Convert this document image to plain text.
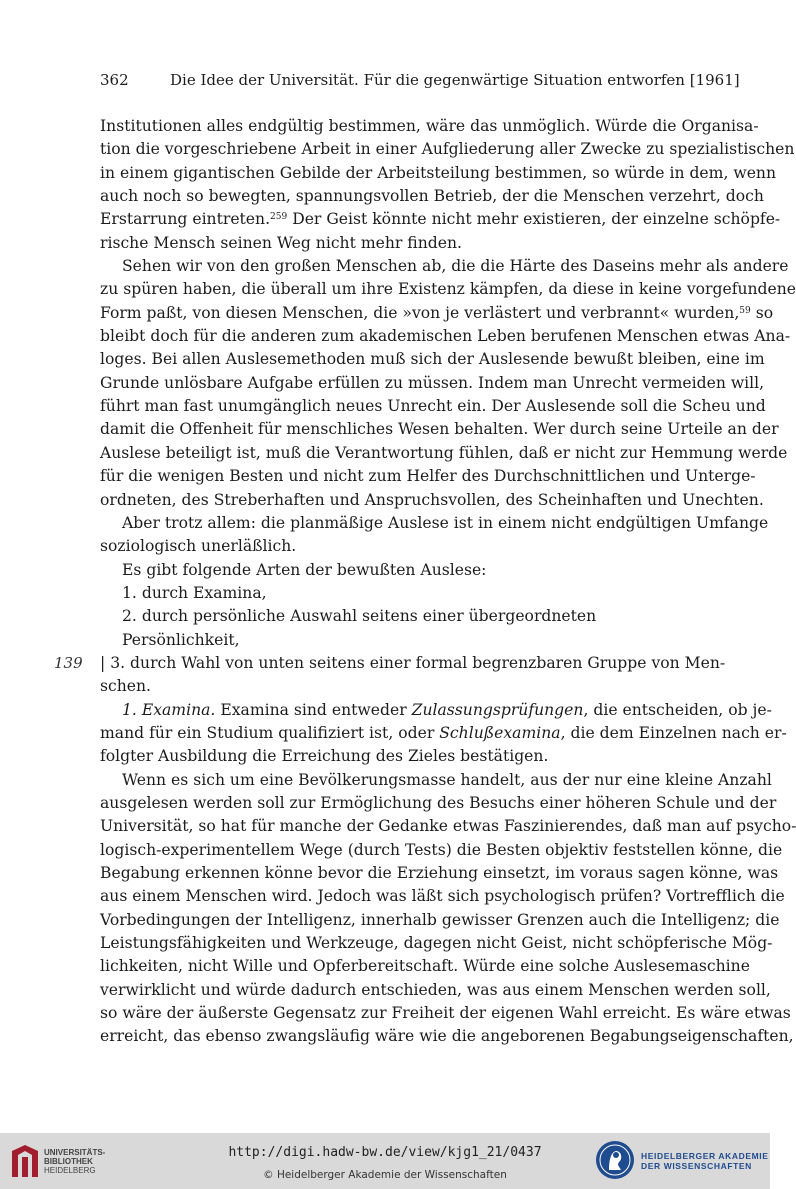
362	Die Idee der Universität. Für die gegenwärtige Situation entworfen [1961]
139
Institutionen alles endgültig bestimmen, wäre das unmöglich. Würde die Organisa-
tion die vorgeschriebene Arbeit in einer Aufgliederung aller Zwecke zu spezialistischen
in einem gigantischen Gebilde der Arbeitsteilung bestimmen, so würde in dem, wenn
auch noch so bewegten, spannungsvollen Betrieb, der die Menschen verzehrt, doch
Erstarrung eintreten.$^{259}$ Der Geist könnte nicht mehr existieren, der einzelne schöpfe-
rische Mensch seinen Weg nicht mehr finden.
Sehen wir von den großen Menschen ab, die die Härte des Daseins mehr als andere
zu spüren haben, die überall um ihre Existenz kämpfen, da diese in keine vorgefundene
Form paßt, von diesen Menschen, die »von je verlästert und verbrannt« wurden,$^{59}$ so
bleibt doch für die anderen zum akademischen Leben berufenen Menschen etwas Ana-
loges. Bei allen Auslesemethoden muß sich der Auslesende bewußt bleiben, eine im
Grunde unlösbare Aufgabe erfüllen zu müssen. Indem man Unrecht vermeiden will,
führt man fast unumgänglich neues Unrecht ein. Der Auslesende soll die Scheu und
damit die Offenheit für menschliches Wesen behalten. Wer durch seine Urteile an der
Auslese beteiligt ist, muß die Verantwortung fühlen, daß er nicht zur Hemmung werde
für die wenigen Besten und nicht zum Helfer des Durchschnittlichen und Unterge-
ordneten, des Streberhaften und Anspruchsvollen, des Scheinhaften und Unechten.
Aber trotz allem: die planmäßige Auslese ist in einem nicht endgültigen Umfange
soziologisch unerläßlich.
Es gibt folgende Arten der bewußten Auslese:
1. durch Examina,
2. durch persönliche Auswahl seitens einer übergeordneten
Persönlichkeit,
| 3. durch Wahl von unten seitens einer formal begrenzbaren Gruppe von Men-
schen.
1. Examina. Examina sind entweder Zulassungsprüfungen, die entscheiden, ob je-
mand für ein Studium qualifiziert ist, oder Schlußexamina, die dem Einzelnen nach er-
folgter Ausbildung die Erreichung des Zieles bestätigen.
Wenn es sich um eine Bevölkerungsmasse handelt, aus der nur eine kleine Anzahl
ausgelesen werden soll zur Ermöglichung des Besuchs einer höheren Schule und der
Universität, so hat für manche der Gedanke etwas Faszinierendes, daß man auf psycho-
logisch-experimentellem Wege (durch Tests) die Besten objektiv feststellen könne, die
Begabung erkennen könne bevor die Erziehung einsetzt, im voraus sagen könne, was
aus einem Menschen wird. Jedoch was läßt sich psychologisch prüfen? Vortrefflich die
Vorbedingungen der Intelligenz, innerhalb gewisser Grenzen auch die Intelligenz; die
Leistungsfähigkeiten und Werkzeuge, dagegen nicht Geist, nicht schöpferische Mög-
lichkeiten, nicht Wille und Opferbereitschaft. Würde eine solche Auslesemaschine
verwirklicht und würde dadurch entschieden, was aus einem Menschen werden soll,
so wäre der äußerste Gegensatz zur Freiheit der eigenen Wahl erreicht. Es wäre etwas
erreicht, das ebenso zwangsläufig wäre wie die angeborenen Begabungseigenschaften,
UNIVERSITÄTS-
BIBLIOTHEK
HEIDELBERG
http://digi.hadw-bw.de/view/kjg1_21/0437
© Heidelberger Akademie der Wissenschaften
HEIDELBERGER AKADEMIE
DER WISSENSCHAFTEN
